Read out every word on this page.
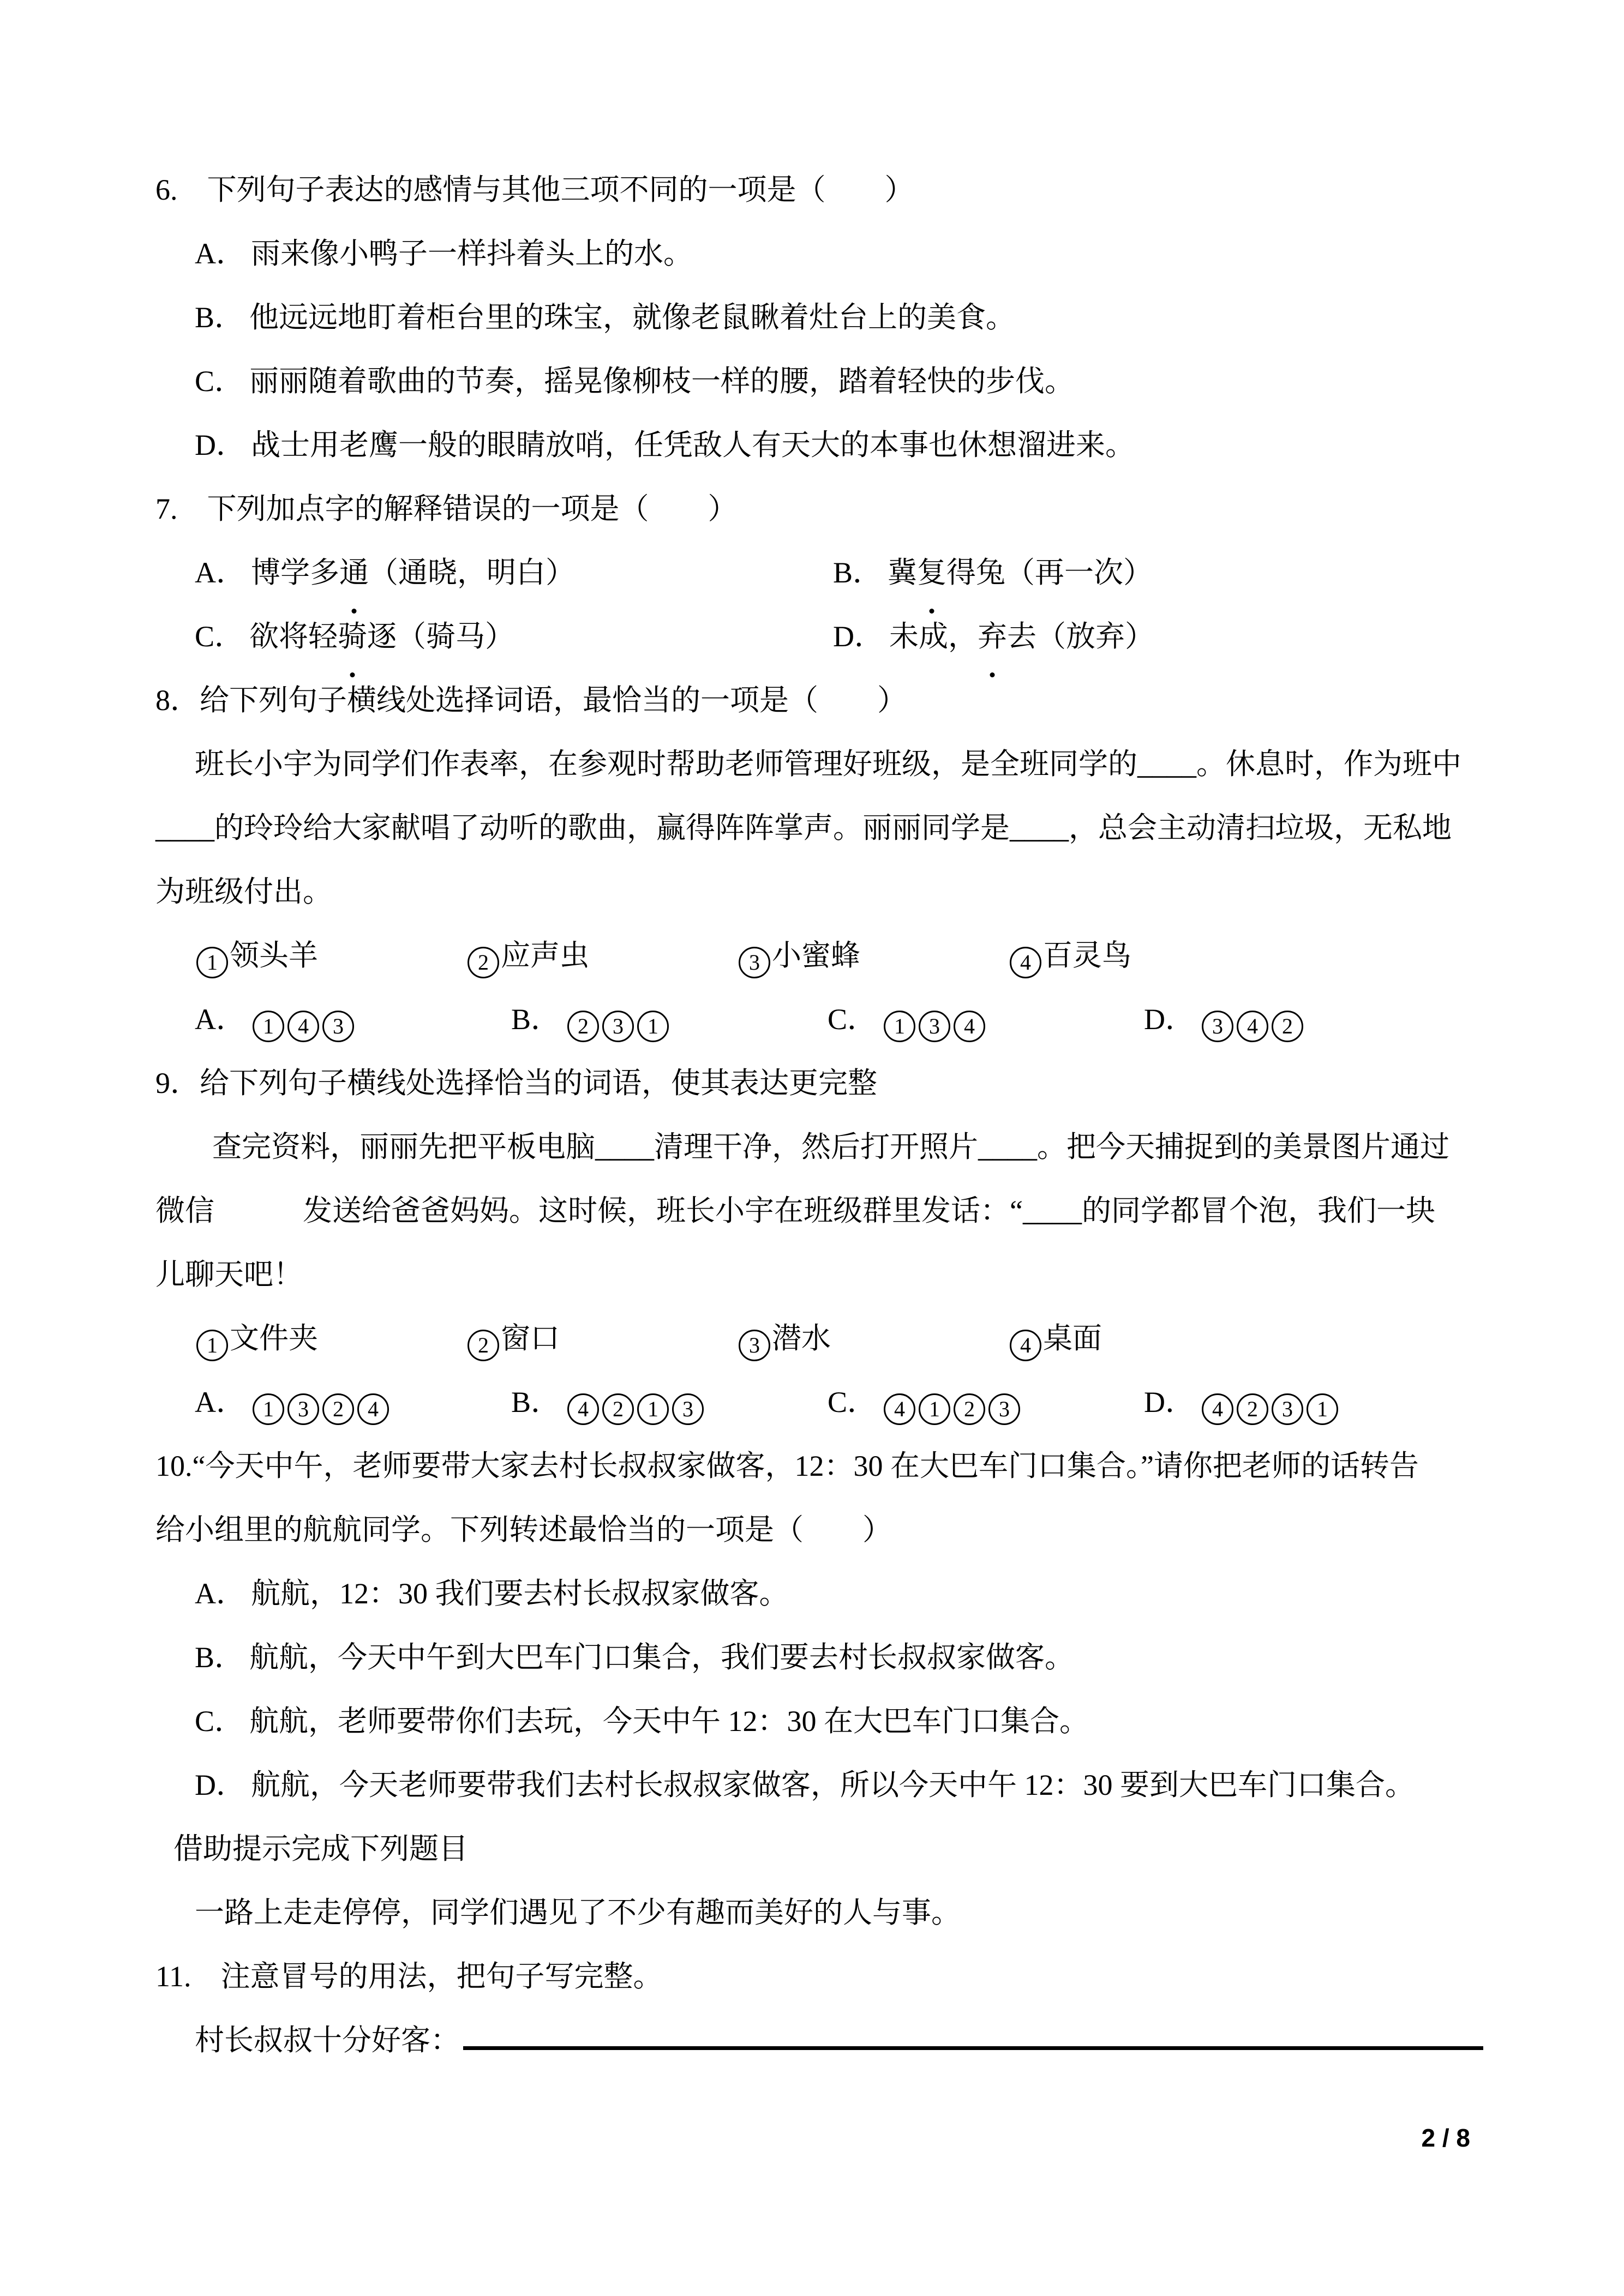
6.　下列句子表达的感情与其他三项不同的一项是（　　）

A． 雨来像小鸭子一样抖着头上的水。

B． 他远远地盯着柜台里的珠宝，就像老鼠瞅着灶台上的美食。

C． 丽丽随着歌曲的节奏，摇晃像柳枝一样的腰，踏着轻快的步伐。

D． 战士用老鹰一般的眼睛放哨，任凭敌人有天大的本事也休想溜进来。

7.　下列加点字的解释错误的一项是（　　）

A． 博学多通（通晓，明白）	B． 冀复得兔（再一次）

C． 欲将轻骑逐（骑马）	D． 未成，弃去（放弃）

8．给下列句子横线处选择词语，最恰当的一项是（　　）

班长小宇为同学们作表率，在参观时帮助老师管理好班级，是全班同学的____。休息时，作为班中

____的玲玲给大家献唱了动听的歌曲，赢得阵阵掌声。丽丽同学是____，总会主动清扫垃圾，无私地

为班级付出。

1 领头羊	2 应声虫	3 小蜜蜂	4 百灵鸟

A． 1 4 3	B． 2 3 1	C． 1 3 4	D． 3 4 2

9．给下列句子横线处选择恰当的词语，使其表达更完整

查完资料，丽丽先把平板电脑____清理干净，然后打开照片____。把今天捕捉到的美景图片通过

微信　　　发送给爸爸妈妈。这时候，班长小宇在班级群里发话：“____的同学都冒个泡，我们一块

儿聊天吧！

1 文件夹	2 窗口	3 潜水	4 桌面

A． 1 3 2 4	B． 4 2 1 3	C． 4 1 2 3	D． 4 2 3 1

10.“今天中午，老师要带大家去村长叔叔家做客，12：30 在大巴车门口集合。”请你把老师的话转告

给小组里的航航同学。下列转述最恰当的一项是（　　）

A． 航航，12：30 我们要去村长叔叔家做客。

B． 航航，今天中午到大巴车门口集合，我们要去村长叔叔家做客。

C． 航航，老师要带你们去玩，今天中午 12：30 在大巴车门口集合。

D． 航航，今天老师要带我们去村长叔叔家做客，所以今天中午 12：30 要到大巴车门口集合。

借助提示完成下列题目

一路上走走停停，同学们遇见了不少有趣而美好的人与事。

11.　注意冒号的用法，把句子写完整。

村长叔叔十分好客：

2 / 8
